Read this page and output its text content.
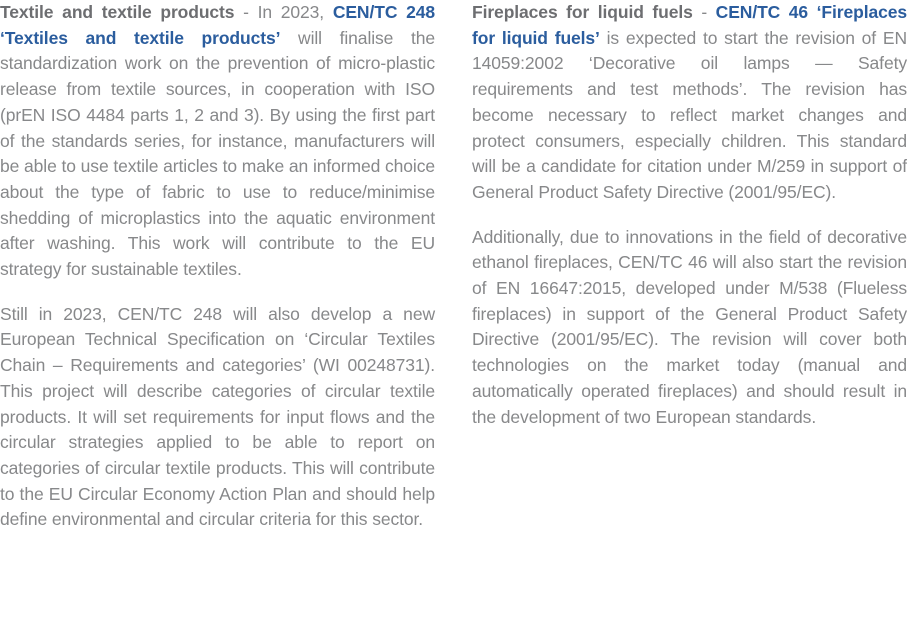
Textile and textile products - In 2023, CEN/TC 248 ‘Textiles and textile products’ will finalise the standardization work on the prevention of micro-plastic release from textile sources, in cooperation with ISO (prEN ISO 4484 parts 1, 2 and 3). By using the first part of the standards series, for instance, manufacturers will be able to use textile articles to make an informed choice about the type of fabric to use to reduce/minimise shedding of microplastics into the aquatic environment after washing. This work will contribute to the EU strategy for sustainable textiles.

Still in 2023, CEN/TC 248 will also develop a new European Technical Specification on ‘Circular Textiles Chain – Requirements and categories’ (WI 00248731). This project will describe categories of circular textile products. It will set requirements for input flows and the circular strategies applied to be able to report on categories of circular textile products. This will contribute to the EU Circular Economy Action Plan and should help define environmental and circular criteria for this sector.

Fireplaces for liquid fuels - CEN/TC 46 ‘Fireplaces for liquid fuels’ is expected to start the revision of EN 14059:2002 ‘Decorative oil lamps — Safety requirements and test methods’. The revision has become necessary to reflect market changes and protect consumers, especially children. This standard will be a candidate for citation under M/259 in support of General Product Safety Directive (2001/95/EC).

Additionally, due to innovations in the field of decorative ethanol fireplaces, CEN/TC 46 will also start the revision of EN 16647:2015, developed under M/538 (Flueless fireplaces) in support of the General Product Safety Directive (2001/95/EC). The revision will cover both technologies on the market today (manual and automatically operated fireplaces) and should result in the development of two European standards.
